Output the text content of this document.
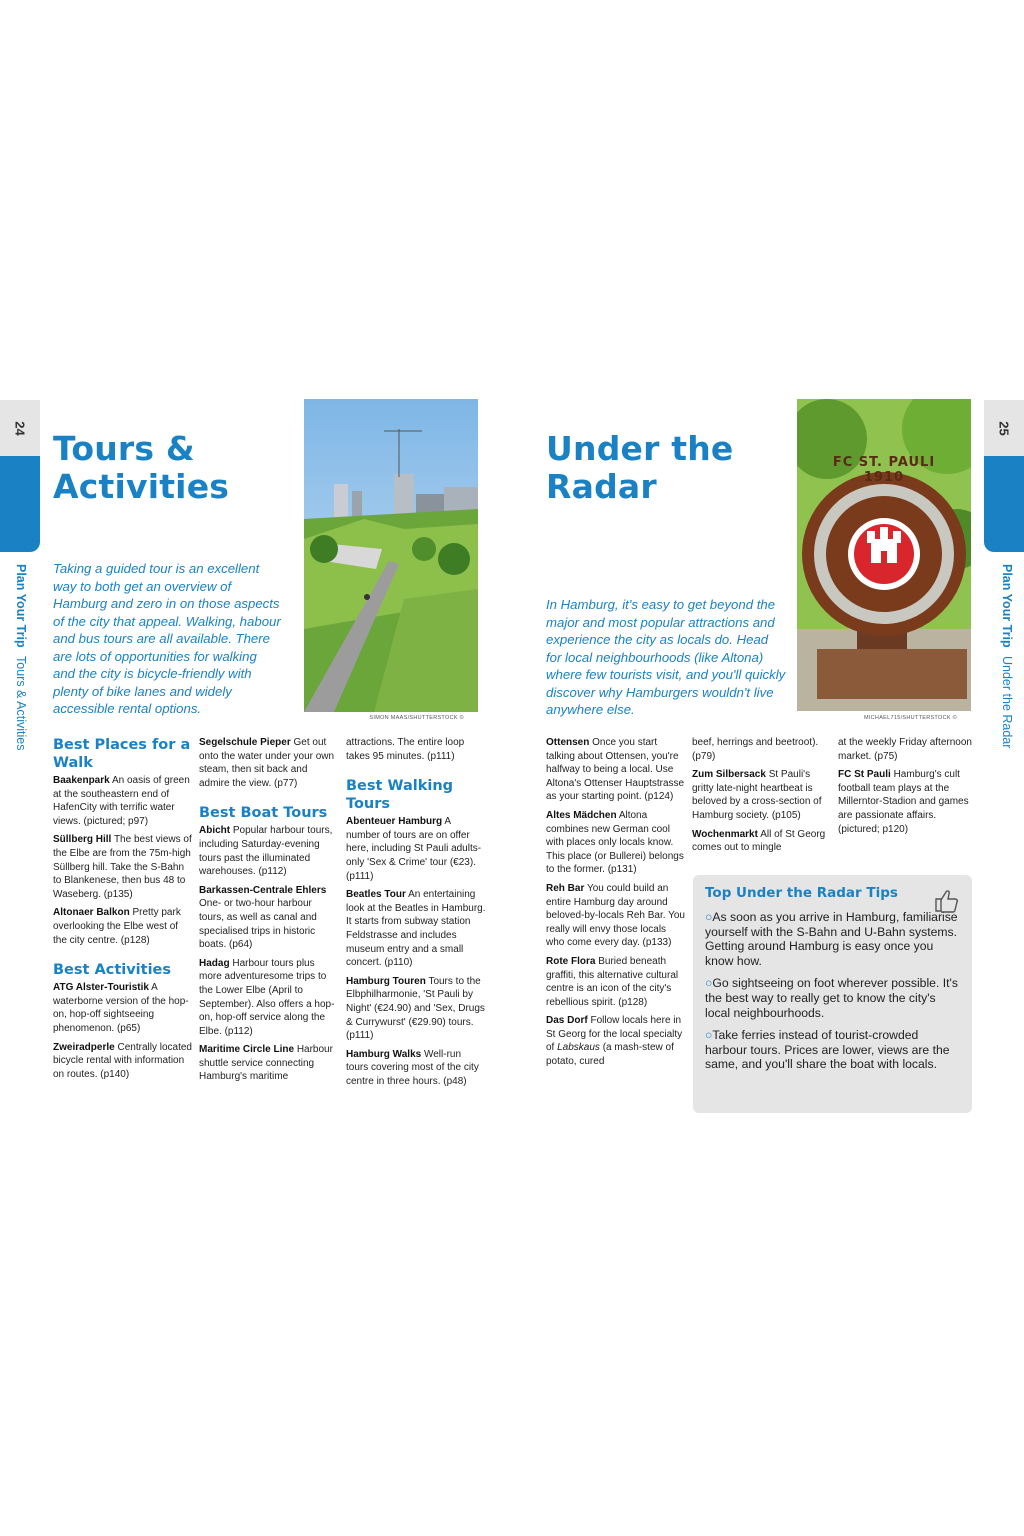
24
Plan Your Trip
Tours & Activities
Tours &
Activities

Taking a guided tour is an excellent way to both get an overview of Hamburg and zero in on those aspects of the city that appeal. Walking, habour and bus tours are all available. There are lots of opportunities for walking and the city is bicycle-friendly with plenty of bike lanes and widely accessible rental options.

SIMON MAAS/SHUTTERSTOCK ©
Best Places for a Walk

Baakenpark An oasis of green at the southeastern end of HafenCity with terrific water views. (pictured; p97)

Süllberg Hill The best views of the Elbe are from the 75m-high Süllberg hill. Take the S-Bahn to Blankenese, then bus 48 to Waseberg. (p135)

Altonaer Balkon Pretty park overlooking the Elbe west of the city centre. (p128)

Best Activities

ATG Alster-Touristik A waterborne version of the hop-on, hop-off sightseeing phenomenon. (p65)

Zweiradperle Centrally located bicycle rental with information on routes. (p140)

Segelschule Pieper Get out onto the water under your own steam, then sit back and admire the view. (p77)

Best Boat Tours

Abicht Popular harbour tours, including Saturday-evening tours past the illuminated warehouses. (p112)

Barkassen-Centrale Ehlers One- or two-hour harbour tours, as well as canal and specialised trips in historic boats. (p64)

Hadag Harbour tours plus more adventuresome trips to the Lower Elbe (April to September). Also offers a hop-on, hop-off service along the Elbe. (p112)

Maritime Circle Line Harbour shuttle service connecting Hamburg's maritime

attractions. The entire loop takes 95 minutes. (p111)

Best Walking Tours

Abenteuer Hamburg A number of tours are on offer here, including St Pauli adults-only 'Sex & Crime' tour (€23). (p111)

Beatles Tour An entertaining look at the Beatles in Hamburg. It starts from subway station Feldstrasse and includes museum entry and a small concert. (p110)

Hamburg Touren Tours to the Elbphilharmonie, 'St Pauli by Night' (€24.90) and 'Sex, Drugs & Currywurst' (€29.90) tours. (p111)

Hamburg Walks Well-run tours covering most of the city centre in three hours. (p48)

25
Plan Your Trip
Under the Radar
Under the
Radar

In Hamburg, it's easy to get beyond the major and most popular attractions and experience the city as locals do. Head for local neighbourhoods (like Altona) where few tourists visit, and you'll quickly discover why Hamburgers wouldn't live anywhere else.

FC ST. PAULI 1910
MICHAEL715/SHUTTERSTOCK ©

Ottensen Once you start talking about Ottensen, you're halfway to being a local. Use Altona's Ottenser Hauptstrasse as your starting point. (p124)

Altes Mädchen Altona combines new German cool with places only locals know. This place (or Bullerei) belongs to the former. (p131)

Reh Bar You could build an entire Hamburg day around beloved-by-locals Reh Bar. You really will envy those locals who come every day. (p133)

Rote Flora Buried beneath graffiti, this alternative cultural centre is an icon of the city's rebellious spirit. (p128)

Das Dorf Follow locals here in St Georg for the local specialty of Labskaus (a mash-stew of potato, cured

beef, herrings and beetroot). (p79)

Zum Silbersack St Pauli's gritty late-night heartbeat is beloved by a cross-section of Hamburg society. (p105)

Wochenmarkt All of St Georg comes out to mingle

at the weekly Friday afternoon market. (p75)

FC St Pauli Hamburg's cult football team plays at the Millerntor-Stadion and games are passionate affairs. (pictured; p120)

Top Under the Radar Tips

○As soon as you arrive in Hamburg, familiarise yourself with the S-Bahn and U-Bahn systems. Getting around Hamburg is easy once you know how.

○Go sightseeing on foot wherever possible. It's the best way to really get to know the city's local neighbourhoods.

○Take ferries instead of tourist-crowded harbour tours. Prices are lower, views are the same, and you'll share the boat with locals.
